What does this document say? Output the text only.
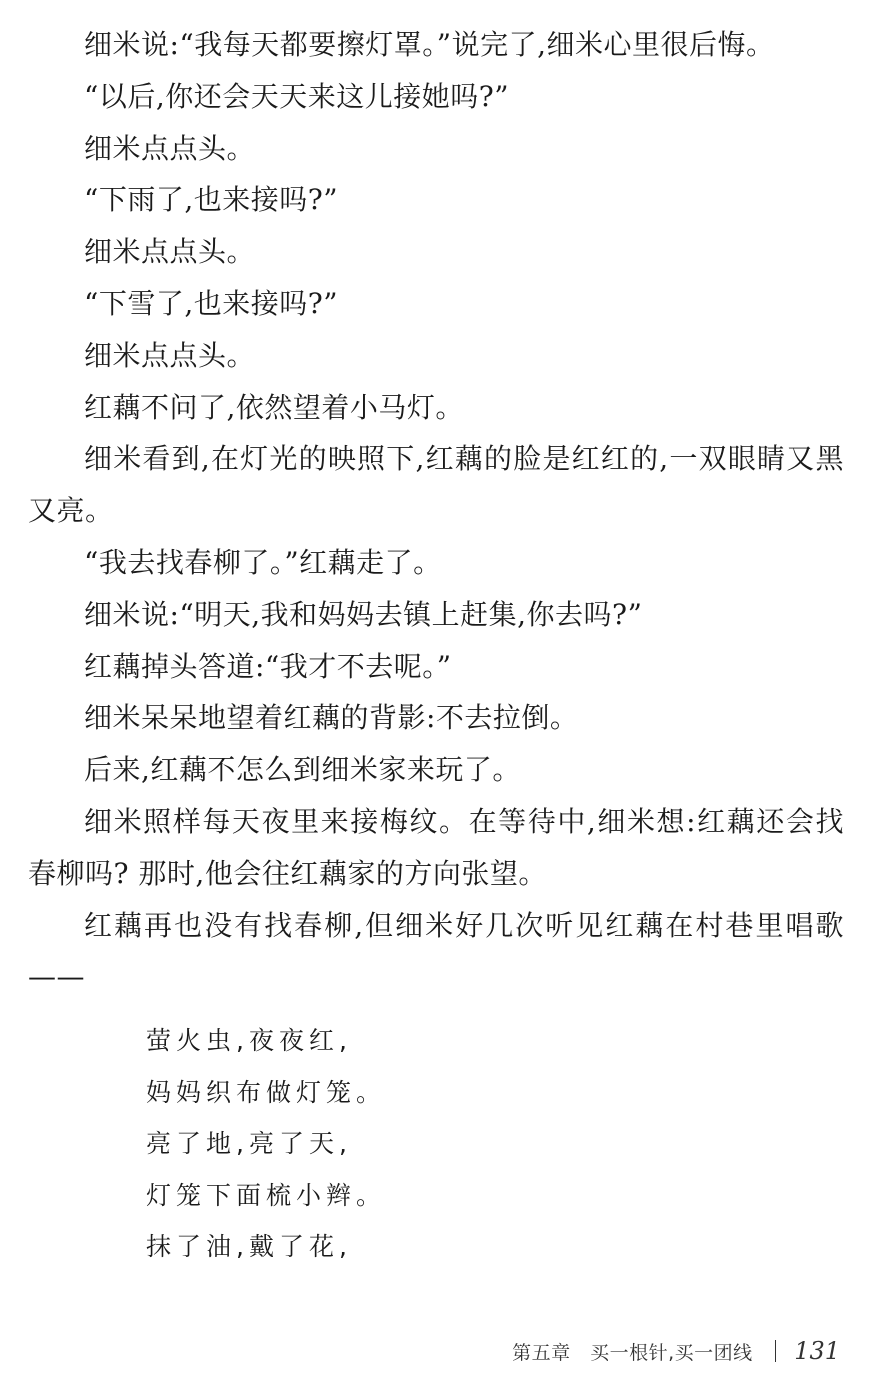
细米说:“我每天都要擦灯罩。”说完了,细米心里很后悔。

“以后,你还会天天来这儿接她吗?”

细米点点头。

“下雨了,也来接吗?”

细米点点头。

“下雪了,也来接吗?”

细米点点头。

红藕不问了,依然望着小马灯。

细米看到,在灯光的映照下,红藕的脸是红红的,一双眼睛又黑又亮。

“我去找春柳了。”红藕走了。

细米说:“明天,我和妈妈去镇上赶集,你去吗?”

红藕掉头答道:“我才不去呢。”

细米呆呆地望着红藕的背影:不去拉倒。

后来,红藕不怎么到细米家来玩了。

细米照样每天夜里来接梅纹。在等待中,细米想:红藕还会找春柳吗? 那时,他会往红藕家的方向张望。

红藕再也没有找春柳,但细米好几次听见红藕在村巷里唱歌——

萤火虫,夜夜红,
妈妈织布做灯笼。
亮了地,亮了天,
灯笼下面梳小辫。
抹了油,戴了花,
第五章　买一根针,买一团线 131
